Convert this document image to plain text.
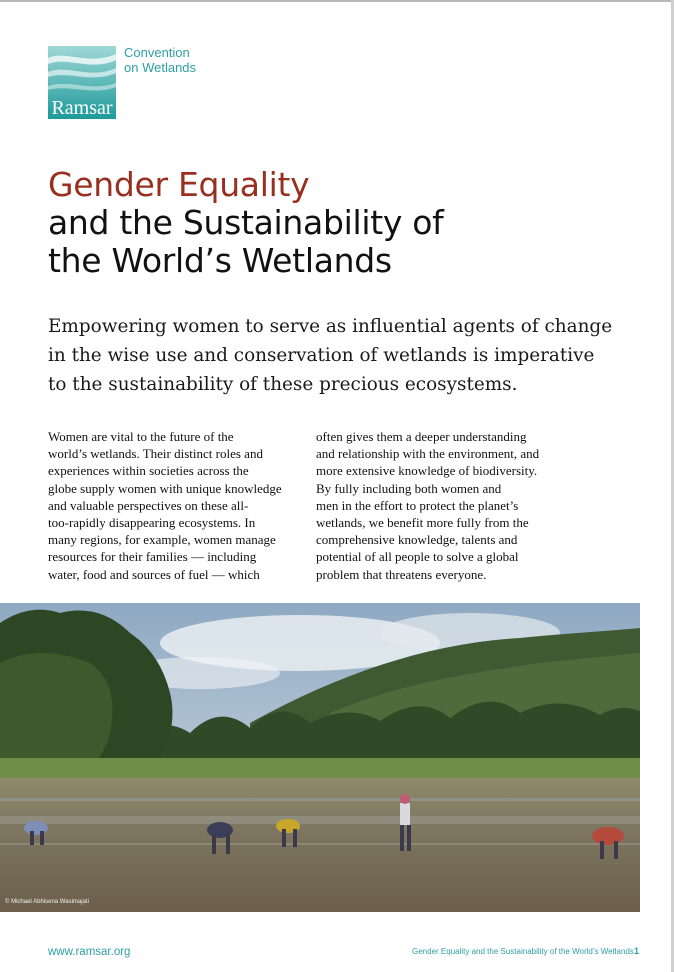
Ramsar
Convention
on Wetlands
Gender Equality
and the Sustainability of
the World’s Wetlands
Empowering women to serve as influential agents of change
in the wise use and conservation of wetlands is imperative
to the sustainability of these precious ecosystems.
Women are vital to the future of the
world’s wetlands. Their distinct roles and
experiences within societies across the
globe supply women with unique knowledge
and valuable perspectives on these all-
too-rapidly disappearing ecosystems. In
many regions, for example, women manage
resources for their families — including
water, food and sources of fuel — which
often gives them a deeper understanding
and relationship with the environment, and
more extensive knowledge of biodiversity.
By fully including both women and
men in the effort to protect the planet’s
wetlands, we benefit more fully from the
comprehensive knowledge, talents and
potential of all people to solve a global
problem that threatens everyone.
© Michael Abhisena Wasimajati
www.ramsar.org	Gender Equality and the Sustainability of the World’s Wetlands 1
